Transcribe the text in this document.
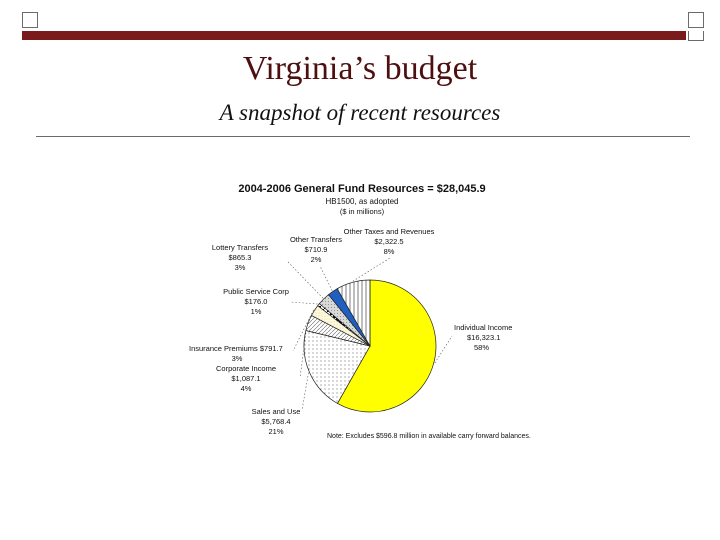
Virginia’s budget
A snapshot of recent resources
2004-2006 General Fund Resources = $28,045.9
HB1500, as adopted
($ in millions)
Individual Income
$16,323.1
58%
Sales and Use
$5,768.4
21%
Corporate Income
$1,087.1
4%
Insurance Premiums $791.7
3%
Public Service Corp
$176.0
1%
Lottery Transfers
$865.3
3%
Other Transfers
$710.9
2%
Other Taxes and Revenues
$2,322.5
8%
Note: Excludes $596.8 million in available carry forward balances.
